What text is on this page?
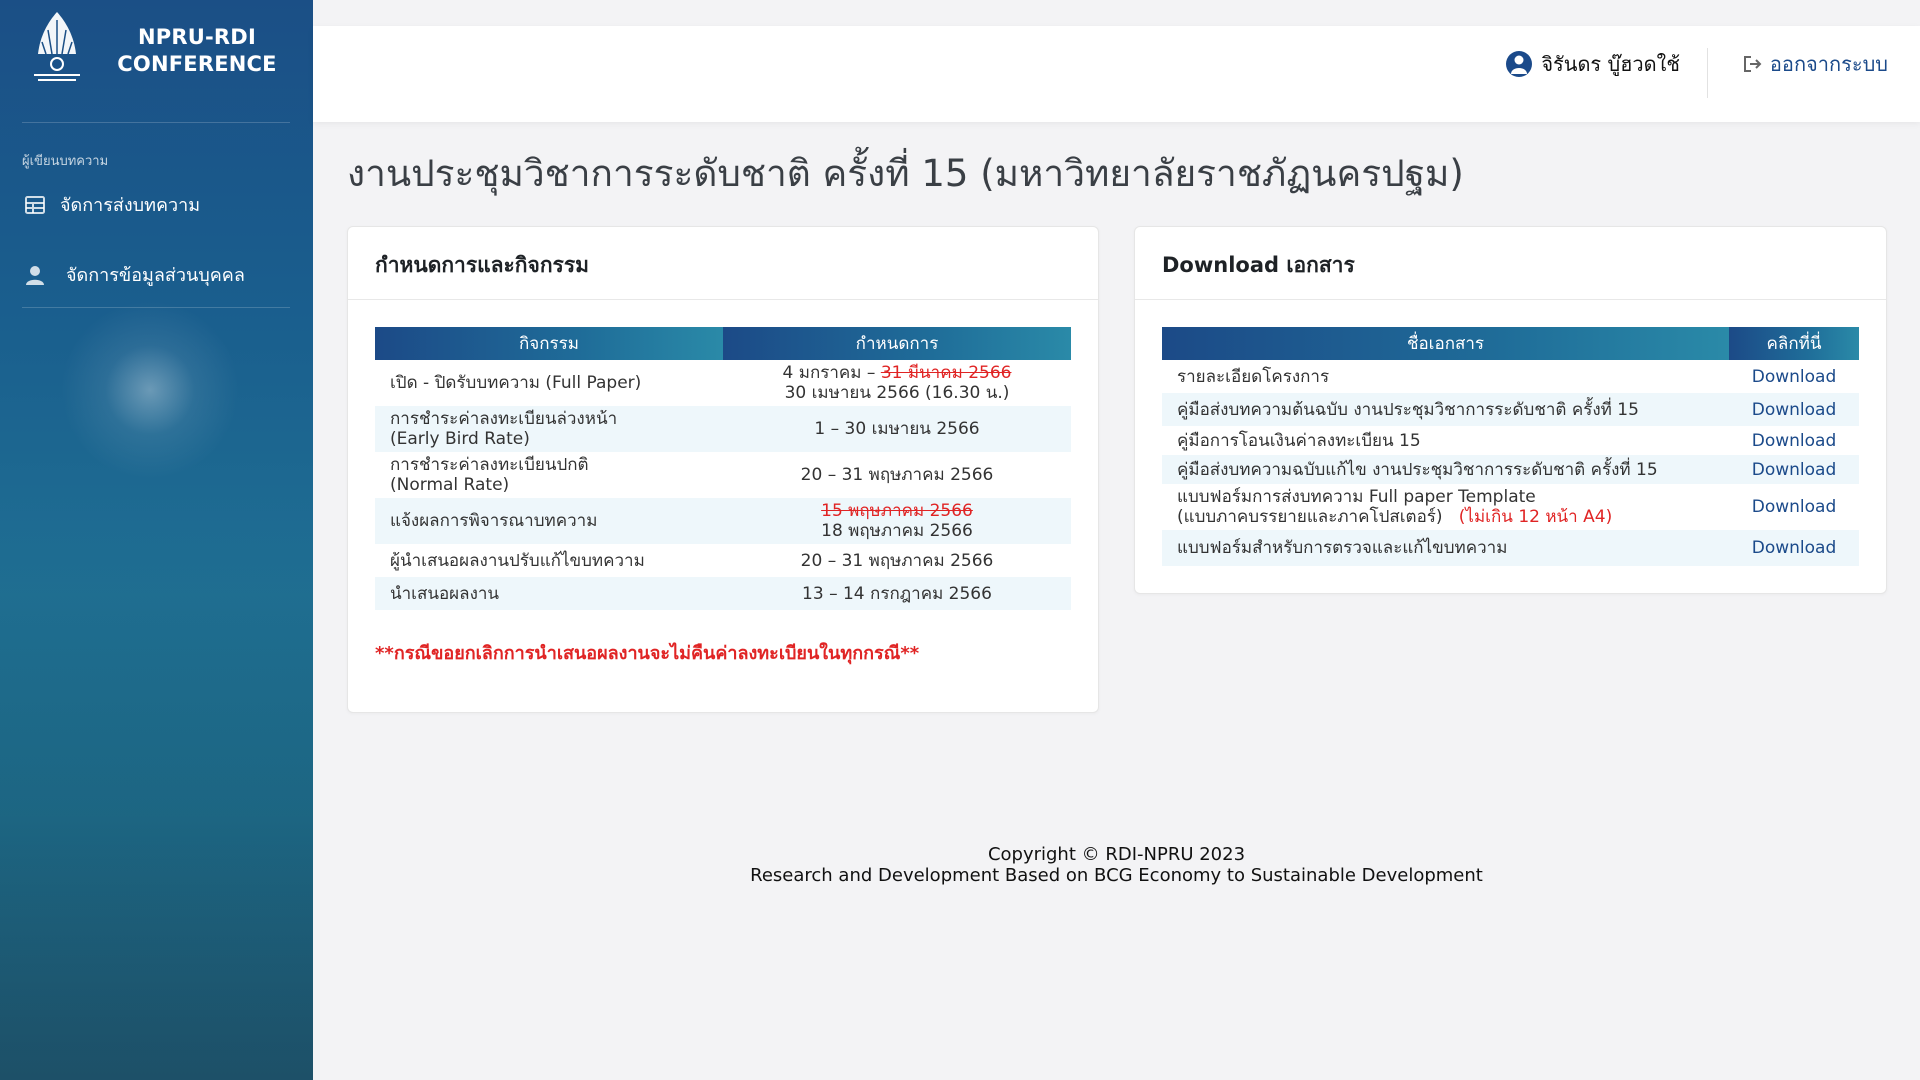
NPRU-RDI
CONFERENCE
ผู้เขียนบทความ
จัดการส่งบทความ
จัดการข้อมูลส่วนบุคคล
จิรันดร บู๊ฮวดใช้	ออกจากระบบ
งานประชุมวิชาการระดับชาติ ครั้งที่ 15 (มหาวิทยาลัยราชภัฏนครปฐม)
กำหนดการและกิจกรรม
กิจกรรม	กำหนดการ

เปิด - ปิดรับบทความ (Full Paper)	4 มกราคม – 31 มีนาคม 2566
30 เมษายน 2566 (16.30 น.)

การชำระค่าลงทะเบียนล่วงหน้า
(Early Bird Rate)	1 – 30 เมษายน 2566

การชำระค่าลงทะเบียนปกติ
(Normal Rate)	20 – 31 พฤษภาคม 2566

แจ้งผลการพิจารณาบทความ	15 พฤษภาคม 2566
18 พฤษภาคม 2566

ผู้นำเสนอผลงานปรับแก้ไขบทความ	20 – 31 พฤษภาคม 2566

นำเสนอผลงาน	13 – 14 กรกฎาคม 2566
**กรณีขอยกเลิกการนำเสนอผลงานจะไม่คืนค่าลงทะเบียนในทุกกรณี**
Download เอกสาร
ชื่อเอกสาร	คลิกที่นี่
รายละเอียดโครงการ	Download
คู่มือส่งบทความต้นฉบับ งานประชุมวิชาการระดับชาติ ครั้งที่ 15	Download
คู่มือการโอนเงินค่าลงทะเบียน 15	Download
คู่มือส่งบทความฉบับแก้ไข งานประชุมวิชาการระดับชาติ ครั้งที่ 15	Download

แบบฟอร์มการส่งบทความ Full paper Template
(แบบภาคบรรยายและภาคโปสเตอร์) (ไม่เกิน 12 หน้า A4)	Download
แบบฟอร์มสำหรับการตรวจและแก้ไขบทความ	Download
Copyright © RDI-NPRU 2023
Research and Development Based on BCG Economy to Sustainable Development
